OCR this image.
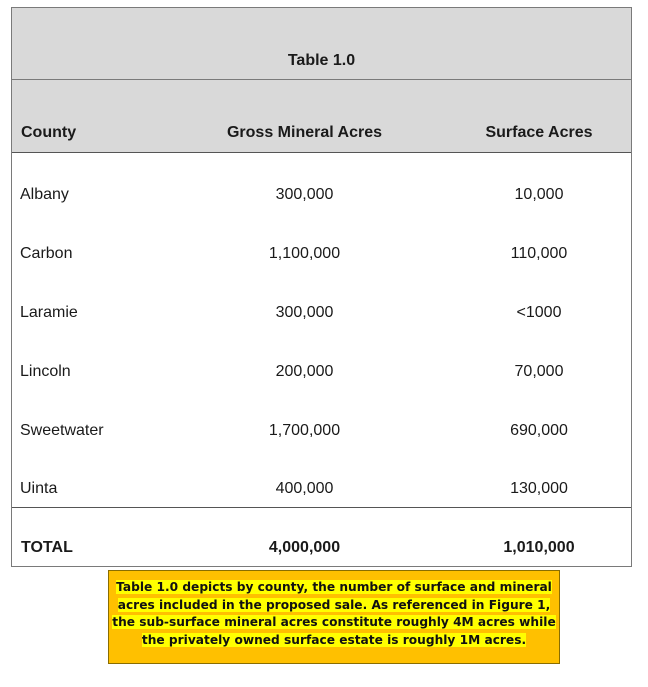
Table 1.0
County	Gross Mineral Acres	Surface Acres
Albany	300,000	10,000
Carbon	1,100,000	110,000
Laramie	300,000	<1000
Lincoln	200,000	70,000
Sweetwater	1,700,000	690,000
Uinta	400,000	130,000
TOTAL	4,000,000	1,010,000
Table 1.0 depicts by county, the number of surface and mineral
acres included in the proposed sale. As referenced in Figure 1,
the sub-surface mineral acres constitute roughly 4M acres while
the privately owned surface estate is roughly 1M acres.
